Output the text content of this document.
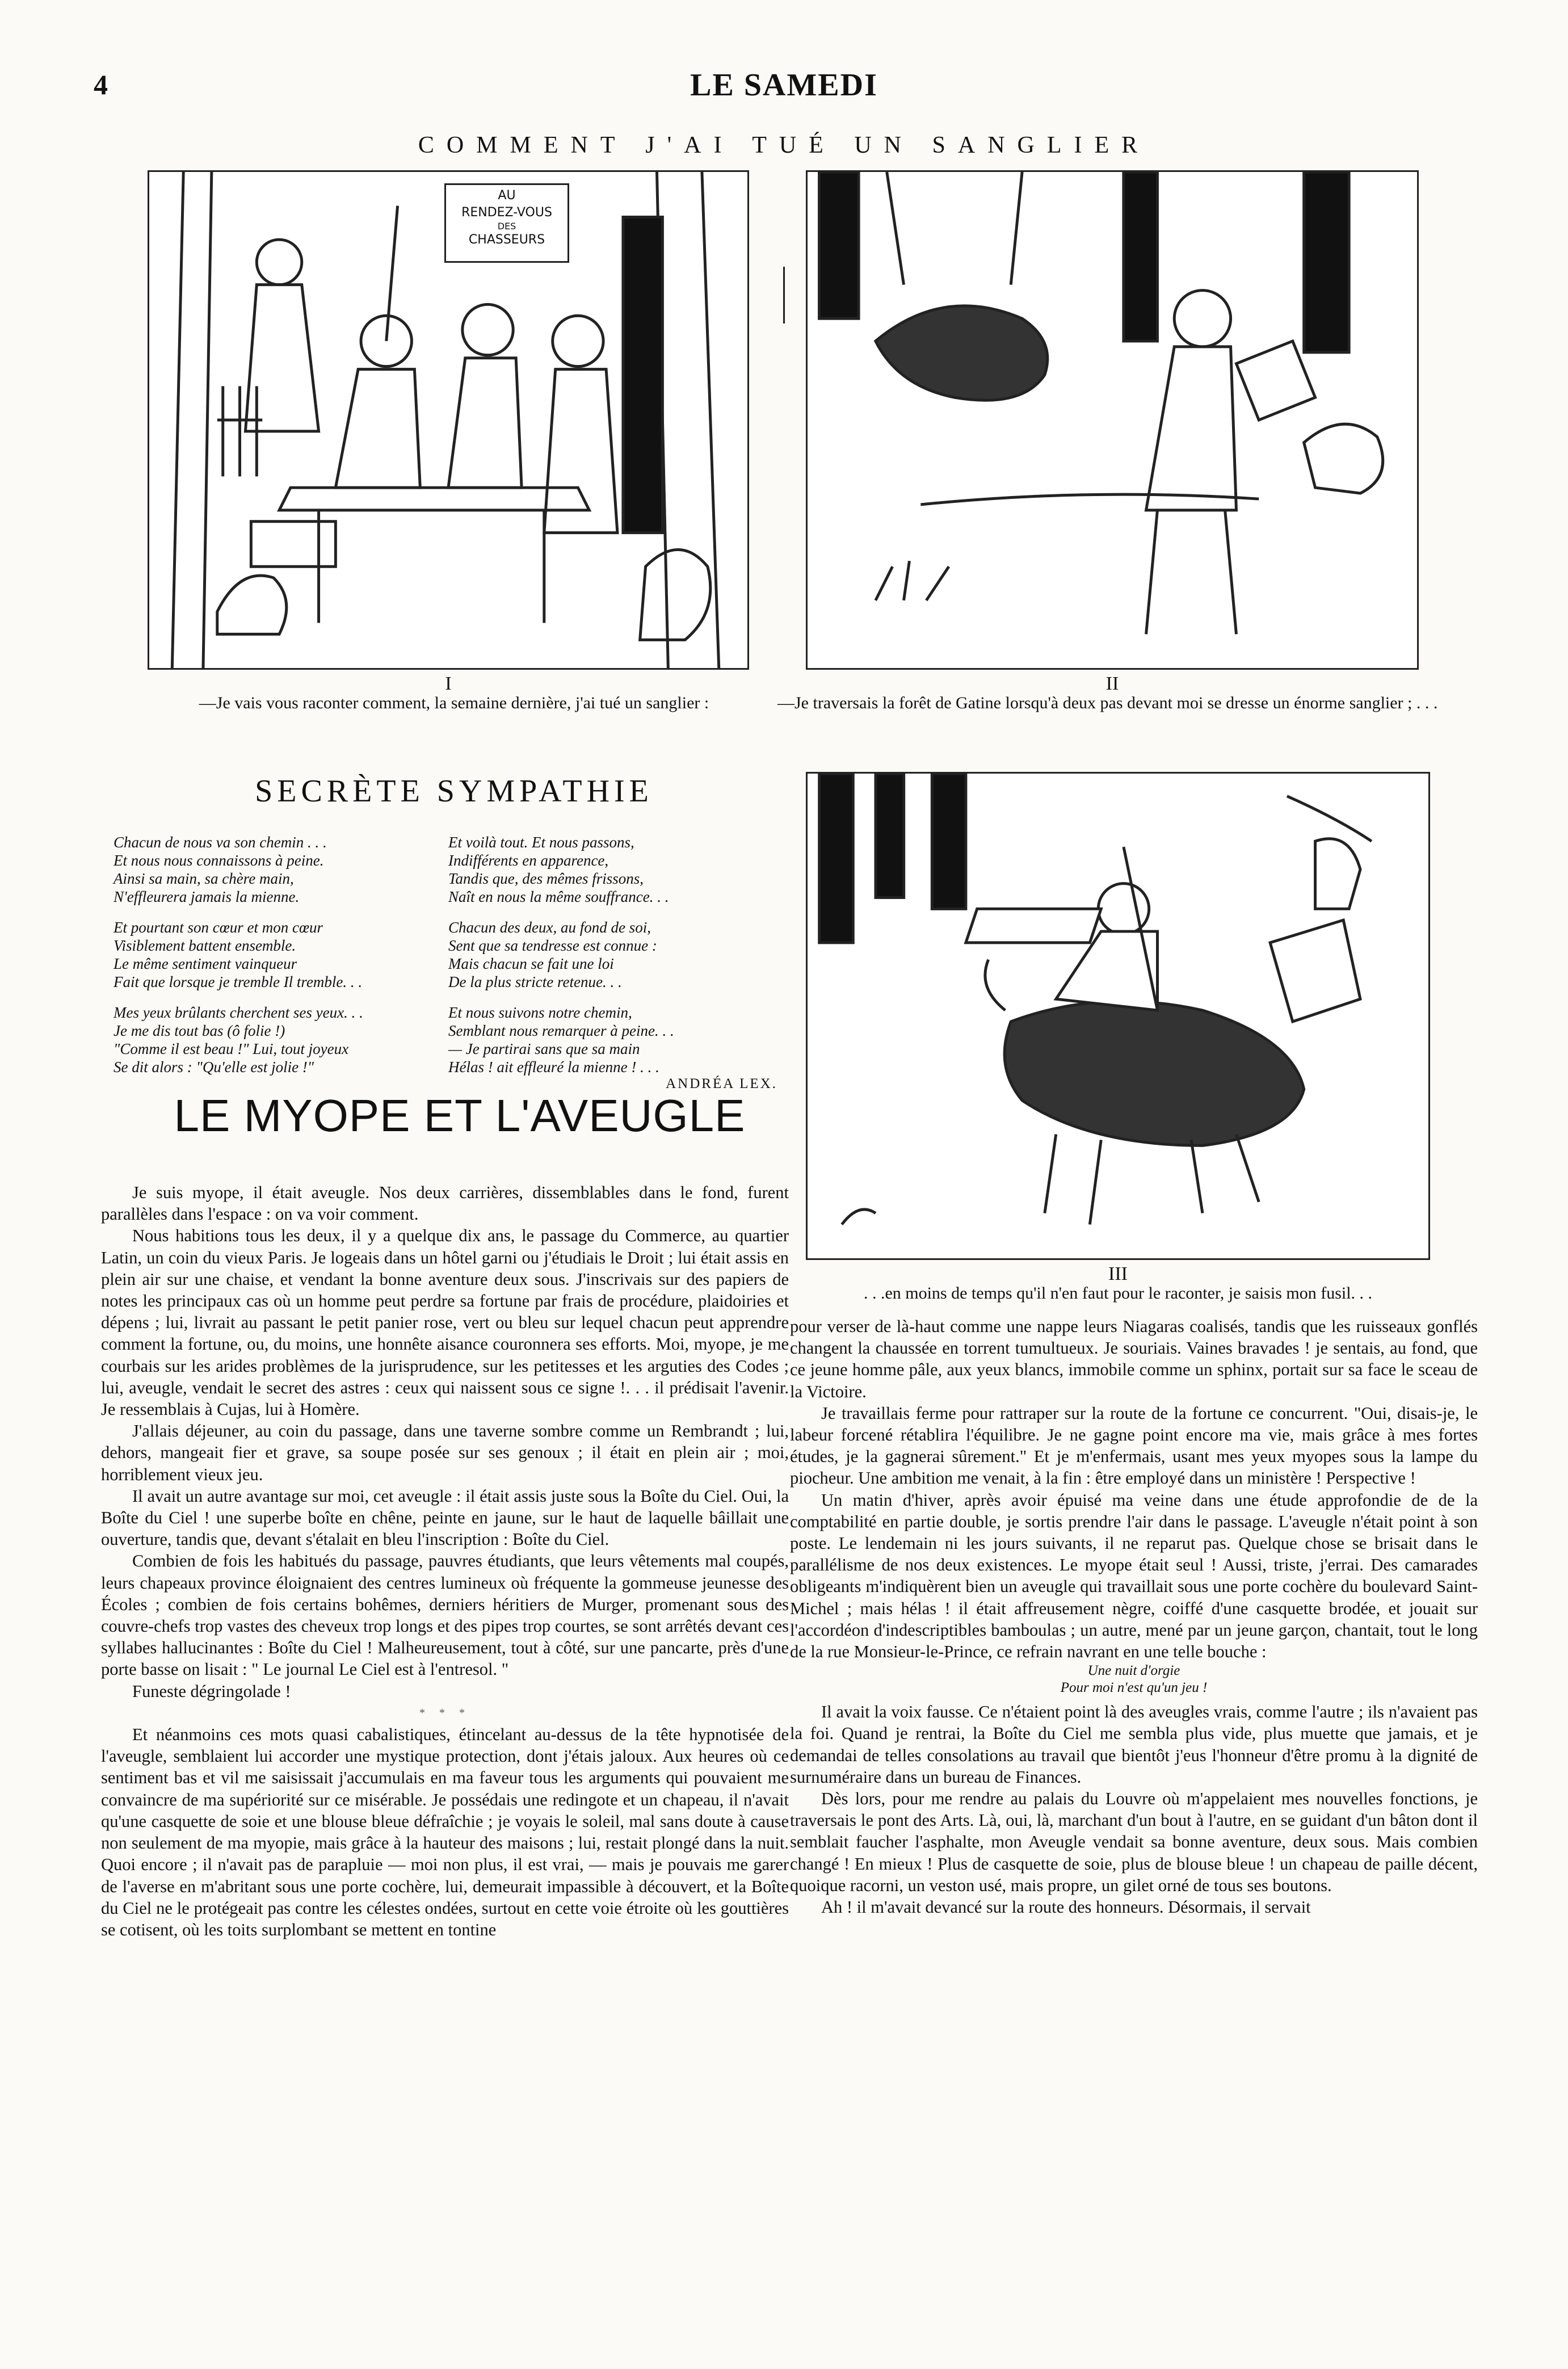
4	LE SAMEDI
COMMENT J'AI TUÉ UN SANGLIER
AU
RENDEZ-VOUS
DES
CHASSEURS
I
—Je vais vous raconter comment, la semaine dernière, j'ai tué un sanglier :
II
—Je traversais la forêt de Gatine lorsqu'à deux pas devant moi se dresse un énorme sanglier ; . . .
SECRÈTE SYMPATHIE
Chacun de nous va son chemin . . .
Et nous nous connaissons à peine.
Ainsi sa main, sa chère main,
N'effleurera jamais la mienne.
Et pourtant son cœur et mon cœur
Visiblement battent ensemble.
Le même sentiment vainqueur
Fait que lorsque je tremble Il tremble. . .
Mes yeux brûlants cherchent ses yeux. . .
Je me dis tout bas (ô folie !)
"Comme il est beau !" Lui, tout joyeux
Se dit alors : "Qu'elle est jolie !"
Et voilà tout. Et nous passons,
Indifférents en apparence,
Tandis que, des mêmes frissons,
Naît en nous la même souffrance. . .
Chacun des deux, au fond de soi,
Sent que sa tendresse est connue :
Mais chacun se fait une loi
De la plus stricte retenue. . .
Et nous suivons notre chemin,
Semblant nous remarquer à peine. . .
— Je partirai sans que sa main
Hélas ! ait effleuré la mienne ! . . .
ANDRÉA LEX.
III
. . .en moins de temps qu'il n'en faut pour le raconter, je saisis mon fusil. . .
LE MYOPE ET L'AVEUGLE

Je suis myope, il était aveugle. Nos deux carrières, dissemblables dans le fond, furent parallèles dans l'espace : on va voir comment.

Nous habitions tous les deux, il y a quelque dix ans, le passage du Commerce, au quartier Latin, un coin du vieux Paris. Je logeais dans un hôtel garni ou j'étudiais le Droit ; lui était assis en plein air sur une chaise, et vendant la bonne aventure deux sous. J'inscrivais sur des papiers de notes les principaux cas où un homme peut perdre sa fortune par frais de procédure, plaidoiries et dépens ; lui, livrait au passant le petit panier rose, vert ou bleu sur lequel chacun peut apprendre comment la fortune, ou, du moins, une honnête aisance couronnera ses efforts. Moi, myope, je me courbais sur les arides problèmes de la jurisprudence, sur les petitesses et les arguties des Codes ; lui, aveugle, vendait le secret des astres : ceux qui naissent sous ce signe !. . . il prédisait l'avenir. Je ressemblais à Cujas, lui à Homère.

J'allais déjeuner, au coin du passage, dans une taverne sombre comme un Rembrandt ; lui, dehors, mangeait fier et grave, sa soupe posée sur ses genoux ; il était en plein air ; moi, horriblement vieux jeu.

Il avait un autre avantage sur moi, cet aveugle : il était assis juste sous la Boîte du Ciel. Oui, la Boîte du Ciel ! une superbe boîte en chêne, peinte en jaune, sur le haut de laquelle bâillait une ouverture, tandis que, devant s'étalait en bleu l'inscription : Boîte du Ciel.

Combien de fois les habitués du passage, pauvres étudiants, que leurs vêtements mal coupés, leurs chapeaux province éloignaient des centres lumineux où fréquente la gommeuse jeunesse des Écoles ; combien de fois certains bohêmes, derniers héritiers de Murger, promenant sous des couvre-chefs trop vastes des cheveux trop longs et des pipes trop courtes, se sont arrêtés devant ces syllabes hallucinantes : Boîte du Ciel ! Malheureusement, tout à côté, sur une pancarte, près d'une porte basse on lisait : " Le journal Le Ciel est à l'entresol. "

Funeste dégringolade !

* * *

Et néanmoins ces mots quasi cabalistiques, étincelant au-dessus de la tête hypnotisée de l'aveugle, semblaient lui accorder une mystique protection, dont j'étais jaloux. Aux heures où ce sentiment bas et vil me saisissait j'accumulais en ma faveur tous les arguments qui pouvaient me convaincre de ma supériorité sur ce misérable. Je possédais une redingote et un chapeau, il n'avait qu'une casquette de soie et une blouse bleue défraîchie ; je voyais le soleil, mal sans doute à cause non seulement de ma myopie, mais grâce à la hauteur des maisons ; lui, restait plongé dans la nuit. Quoi encore ; il n'avait pas de parapluie — moi non plus, il est vrai, — mais je pouvais me garer de l'averse en m'abritant sous une porte cochère, lui, demeurait impassible à découvert, et la Boîte du Ciel ne le protégeait pas contre les célestes ondées, surtout en cette voie étroite où les gouttières se cotisent, où les toits surplombant se mettent en tontine

pour verser de là-haut comme une nappe leurs Niagaras coalisés, tandis que les ruisseaux gonflés changent la chaussée en torrent tumultueux. Je souriais. Vaines bravades ! je sentais, au fond, que ce jeune homme pâle, aux yeux blancs, immobile comme un sphinx, portait sur sa face le sceau de la Victoire.

Je travaillais ferme pour rattraper sur la route de la fortune ce concurrent. "Oui, disais-je, le labeur forcené rétablira l'équilibre. Je ne gagne point encore ma vie, mais grâce à mes fortes études, je la gagnerai sûrement." Et je m'enfermais, usant mes yeux myopes sous la lampe du piocheur. Une ambition me venait, à la fin : être employé dans un ministère ! Perspective !

Un matin d'hiver, après avoir épuisé ma veine dans une étude approfondie de de la comptabilité en partie double, je sortis prendre l'air dans le passage. L'aveugle n'était point à son poste. Le lendemain ni les jours suivants, il ne reparut pas. Quelque chose se brisait dans le parallélisme de nos deux existences. Le myope était seul ! Aussi, triste, j'errai. Des camarades obligeants m'indiquèrent bien un aveugle qui travaillait sous une porte cochère du boulevard Saint-Michel ; mais hélas ! il était affreusement nègre, coiffé d'une casquette brodée, et jouait sur l'accordéon d'indescriptibles bamboulas ; un autre, mené par un jeune garçon, chantait, tout le long de la rue Monsieur-le-Prince, ce refrain navrant en une telle bouche :

Une nuit d'orgie

Pour moi n'est qu'un jeu !

Il avait la voix fausse. Ce n'étaient point là des aveugles vrais, comme l'autre ; ils n'avaient pas la foi. Quand je rentrai, la Boîte du Ciel me sembla plus vide, plus muette que jamais, et je demandai de telles consolations au travail que bientôt j'eus l'honneur d'être promu à la dignité de surnuméraire dans un bureau de Finances.

Dès lors, pour me rendre au palais du Louvre où m'appelaient mes nouvelles fonctions, je traversais le pont des Arts. Là, oui, là, marchant d'un bout à l'autre, en se guidant d'un bâton dont il semblait faucher l'asphalte, mon Aveugle vendait sa bonne aventure, deux sous. Mais combien changé ! En mieux ! Plus de casquette de soie, plus de blouse bleue ! un chapeau de paille décent, quoique racorni, un veston usé, mais propre, un gilet orné de tous ses boutons.

Ah ! il m'avait devancé sur la route des honneurs. Désormais, il servait
